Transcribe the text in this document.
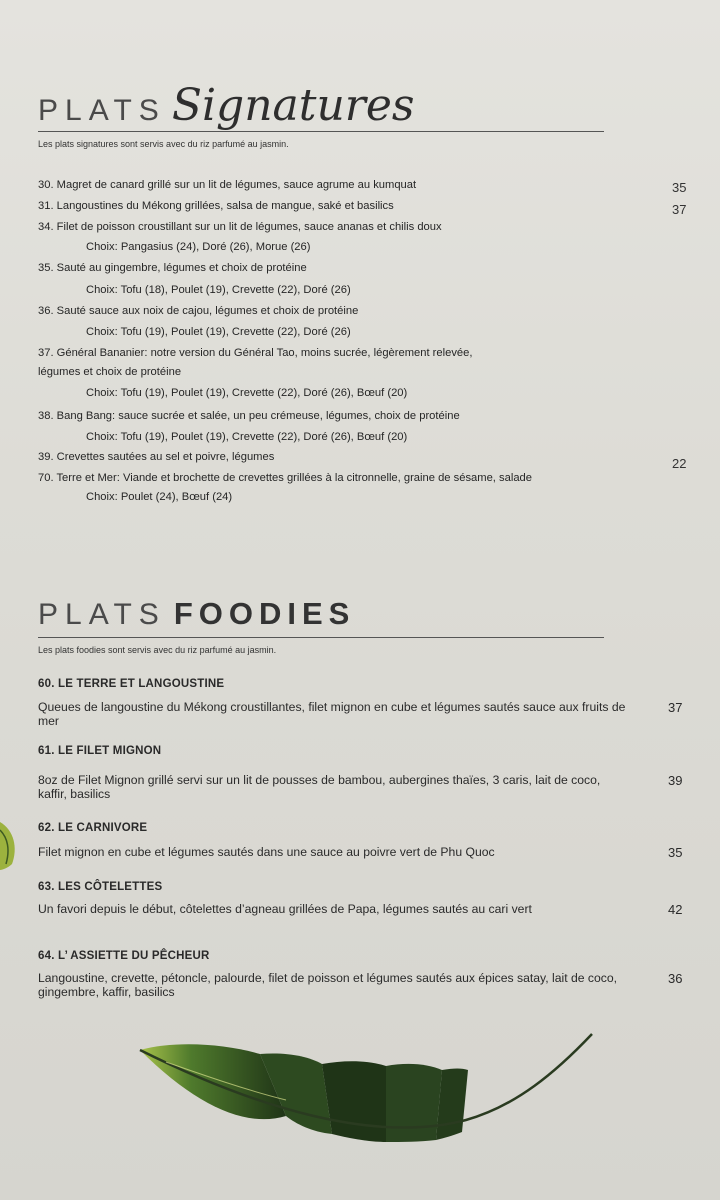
PLATS Signatures
Les plats signatures sont servis avec du riz parfumé au jasmin.
30. Magret de canard grillé sur un lit de légumes, sauce agrume au kumquat
31. Langoustines du Mékong grillées, salsa de mangue, saké et basilics
34. Filet de poisson croustillant sur un lit de légumes, sauce ananas et chilis doux
Choix: Pangasius (24), Doré (26), Morue (26)
35. Sauté au gingembre, légumes et choix de protéine
Choix: Tofu (18), Poulet (19), Crevette (22), Doré (26)
36. Sauté sauce aux noix de cajou, légumes et choix de protéine
Choix: Tofu (19), Poulet (19), Crevette (22), Doré (26)
37. Général Bananier: notre version du Général Tao, moins sucrée, légèrement relevée,
légumes et choix de protéine
Choix: Tofu (19), Poulet (19), Crevette (22), Doré (26), Bœuf (20)
38. Bang Bang: sauce sucrée et salée, un peu crémeuse, légumes, choix de protéine
Choix: Tofu (19), Poulet (19), Crevette (22), Doré (26), Bœuf (20)
39. Crevettes sautées au sel et poivre, légumes
70. Terre et Mer: Viande et brochette de crevettes grillées à la citronnelle, graine de sésame, salade
Choix: Poulet (24), Bœuf (24)
35
37
22
PLATS FOODIES
Les plats foodies sont servis avec du riz parfumé au jasmin.
60. LE TERRE ET LANGOUSTINE
Queues de langoustine du Mékong croustillantes, filet mignon en cube et légumes sautés sauce aux fruits de mer
37
61. LE FILET MIGNON
8oz de Filet Mignon grillé servi sur un lit de pousses de bambou, aubergines thaïes, 3 caris, lait de coco, kaffir, basilics
39
62. LE CARNIVORE
Filet mignon en cube et légumes sautés dans une sauce au poivre vert de Phu Quoc	35
63. LES CÔTELETTES
Un favori depuis le début, côtelettes d’agneau grillées de Papa, légumes sautés au cari vert	42
64. L’ ASSIETTE DU PÊCHEUR
Langoustine, crevette, pétoncle, palourde, filet de poisson et légumes sautés aux épices satay, lait de coco, gingembre, kaffir, basilics
36
